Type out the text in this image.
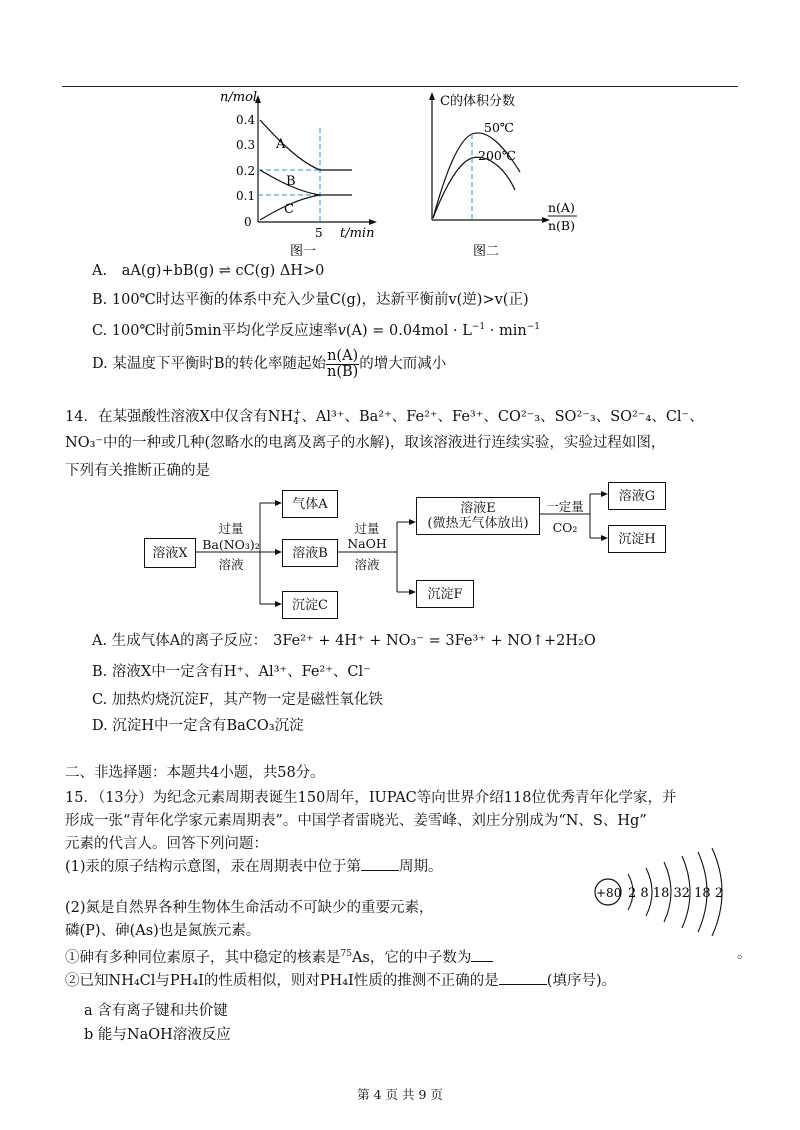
n/mol
0.4
0.3
0.2
0.1
0
5 t/min
A
B
C
图一
C的体积分数
50℃
200℃
n(A)
n(B)
图二
A. aA(g)+bB(g) ⇌ cC(g) ΔH>0
B. 100℃时达平衡的体系中充入少量C(g)，达新平衡前v(逆)>v(正)
C. 100℃时前5min平均化学反应速率$v(A) = 0.04mol \cdot L^{-1} \cdot \min^{-1}$
D. 某温度下平衡时B的转化率随起始 $\frac{n(A)}{n(B)}$ 的增大而减小
14．在某强酸性溶液X中仅含有$NH_4^+$、Al³⁺、Ba²⁺、Fe²⁺、Fe³⁺、CO²⁻₃、SO²⁻₃、SO²⁻₄、Cl⁻、
NO₃⁻中的一种或几种(忽略水的电离及离子的水解)，取该溶液进行连续实验，实验过程如图，
下列有关推断正确的是
溶液X
过量
Ba(NO₃)₂
溶液
气体A
溶液B
沉淀C
过量
NaOH
溶液
溶液E
(微热无气体放出)
沉淀F
一定量
CO₂
溶液G
沉淀H
A. 生成气体A的离子反应： 3Fe²⁺ + 4H⁺ + NO₃⁻ = 3Fe³⁺ + NO↑+2H₂O
B. 溶液X中一定含有H⁺、Al³⁺、Fe²⁺、Cl⁻
C. 加热灼烧沉淀F，其产物一定是磁性氧化铁
D. 沉淀H中一定含有BaCO₃沉淀
二、非选择题：本题共4小题，共58分。
15．（13分）为纪念元素周期表诞生150周年，IUPAC等向世界介绍118位优秀青年化学家，并
形成一张“青年化学家元素周期表”。中国学者雷晓光、姜雪峰、刘庄分别成为“N、S、Hg”
元素的代言人。回答下列问题：
(1)汞的原子结构示意图，汞在周期表中位于第	周期。
+80 2 8 18 32 18 2
(2)氮是自然界各种生物体生命活动不可缺少的重要元素，
磷(P)、砷(As)也是氮族元素。
①砷有多种同位素原子，其中稳定的核素是$^{75}$As，它的中子数为	。
②已知NH₄Cl与PH₄I的性质相似，则对PH₄I性质的推测不正确的是	(填序号)。
a 含有离子键和共价键
b 能与NaOH溶液反应
第 4 页 共 9 页
